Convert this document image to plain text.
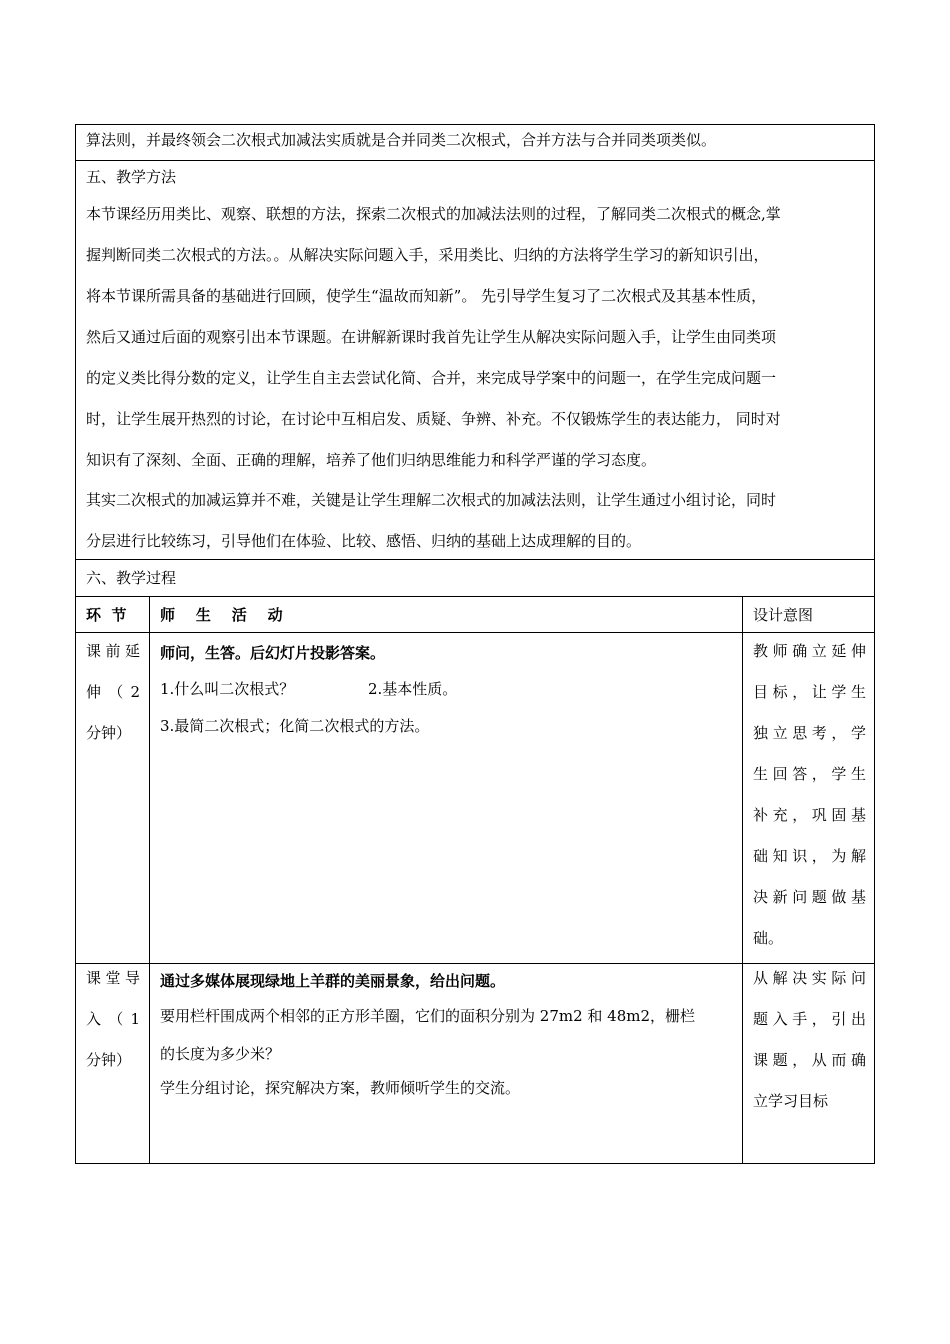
算法则，并最终领会二次根式加减法实质就是合并同类二次根式，合并方法与合并同类项类似。
五、教学方法
本节课经历用类比、观察、联想的方法，探索二次根式的加减法法则的过程，了解同类二次根式的概念,掌
握判断同类二次根式的方法。。从解决实际问题入手，采用类比、归纳的方法将学生学习的新知识引出，
将本节课所需具备的基础进行回顾，使学生“温故而知新”。 先引导学生复习了二次根式及其基本性质，
然后又通过后面的观察引出本节课题。在讲解新课时我首先让学生从解决实际问题入手，让学生由同类项
的定义类比得分数的定义，让学生自主去尝试化简、合并，来完成导学案中的问题一，在学生完成问题一
时，让学生展开热烈的讨论，在讨论中互相启发、质疑、争辨、补充。不仅锻炼学生的表达能力， 同时对
知识有了深刻、全面、正确的理解，培养了他们归纳思维能力和科学严谨的学习态度。
其实二次根式的加减运算并不难，关键是让学生理解二次根式的加减法法则，让学生通过小组讨论，同时
分层进行比较练习，引导他们在体验、比较、感悟、归纳的基础上达成理解的目的。
六、教学过程
环  节 师    生    活    动	设计意图
课前延
伸（2
分钟）
师问，生答。后幻灯片投影答案。
1.什么叫二次根式？	2.基本性质。
3.最简二次根式；化简二次根式的方法。
教师确立延伸
目标，让学生
独立思考，学
生回答，学生
补充，巩固基
础知识，为解
决新问题做基
础。
课堂导
入（1
分钟）
通过多媒体展现绿地上羊群的美丽景象，给出问题。
要用栏杆围成两个相邻的正方形羊圈，它们的面积分别为 27m2 和 48m2，栅栏
的长度为多少米？
学生分组讨论，探究解决方案，教师倾听学生的交流。
从解决实际问
题入手，引出
课题，从而确
立学习目标
